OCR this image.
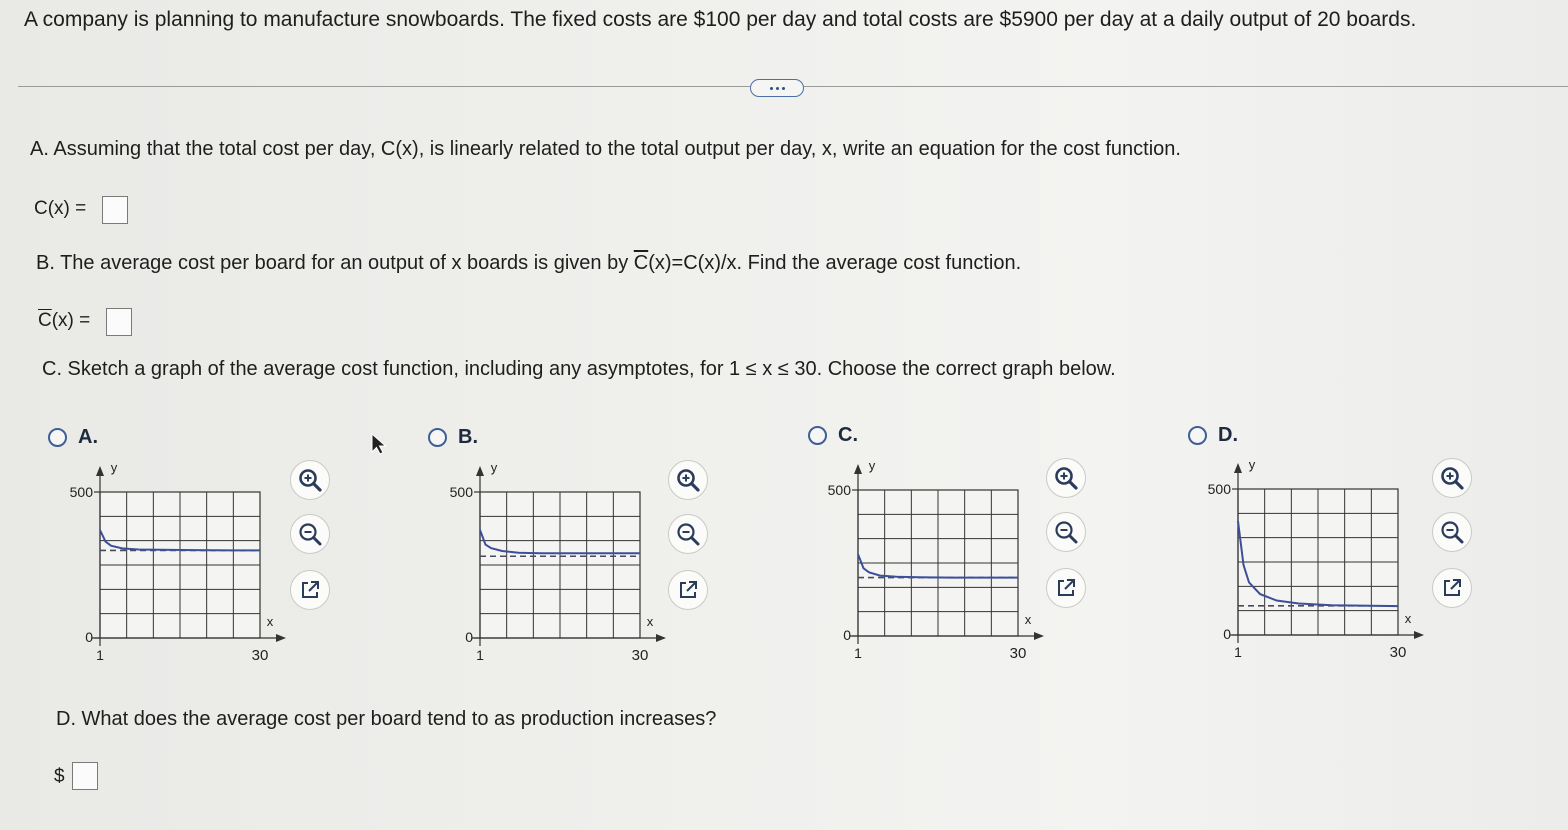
A company is planning to manufacture snowboards. The fixed costs are $100 per day and total costs are $5900 per day at a daily output of 20 boards.
A. Assuming that the total cost per day, C(x), is linearly related to the total output per day, x, write an equation for the cost function.
C(x) =
B. The average cost per board for an output of x boards is given by $\overline{C}(x)=C(x)/x$. Find the average cost function.
$\overline{C}(x)$ =
C. Sketch a graph of the average cost function, including any asymptotes, for 1 ≤ x ≤ 30. Choose the correct graph below.
A.
500
0
1	30
x
y
B.
500
0
1	30
x
y
C.
500
0
1	30
x
y
D.
500
0
1	30
x
y
D. What does the average cost per board tend to as production increases?
$
